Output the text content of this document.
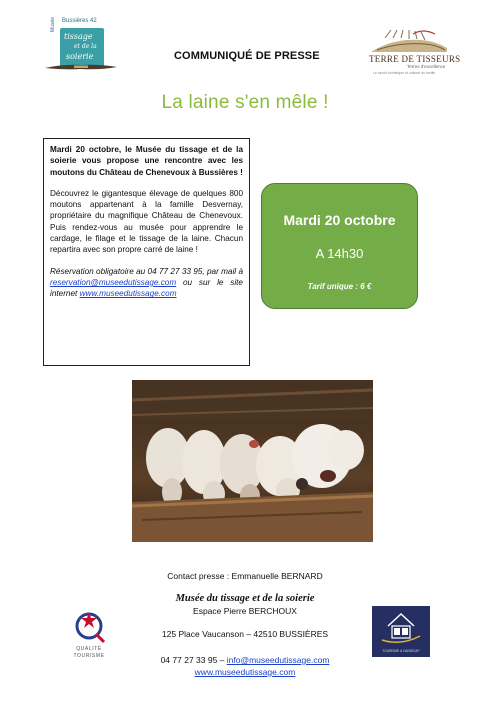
Bussières 42
Musée
tissage
et de la
soierie	COMMUNIQUÉ DE PRESSE	TERRE DE TISSEURS
Terres d'excellence
Le circuit touristique et culturel du textile
La laine s'en mêle !

Mardi 20 octobre, le Musée du tissage et de la soierie vous propose une rencontre avec les moutons du Château de Chenevoux à Bussières !

Découvrez le gigantesque élevage de quelques 800 moutons appartenant à la famille Desvernay, propriétaire du magnifique Château de Chenevoux. Puis rendez-vous au musée pour apprendre le cardage, le filage et le tissage de la laine. Chacun repartira avec son propre carré de laine !

Réservation obligatoire au 04 77 27 33 95, par mail à reservation@museedutissage.com ou sur le site internet www.museedutissage.com

Mardi 20 octobre
A 14h30
Tarif unique : 6 €
Contact presse : Emmanuelle BERNARD
Musée du tissage et de la soierie
Espace Pierre BERCHOUX
125 Place Vaucanson – 42510 BUSSIÈRES
04 77 27 33 95 – info@museedutissage.com
www.museedutissage.com
QUALITÉ
TOURISME
TOURISME & HANDICAP
